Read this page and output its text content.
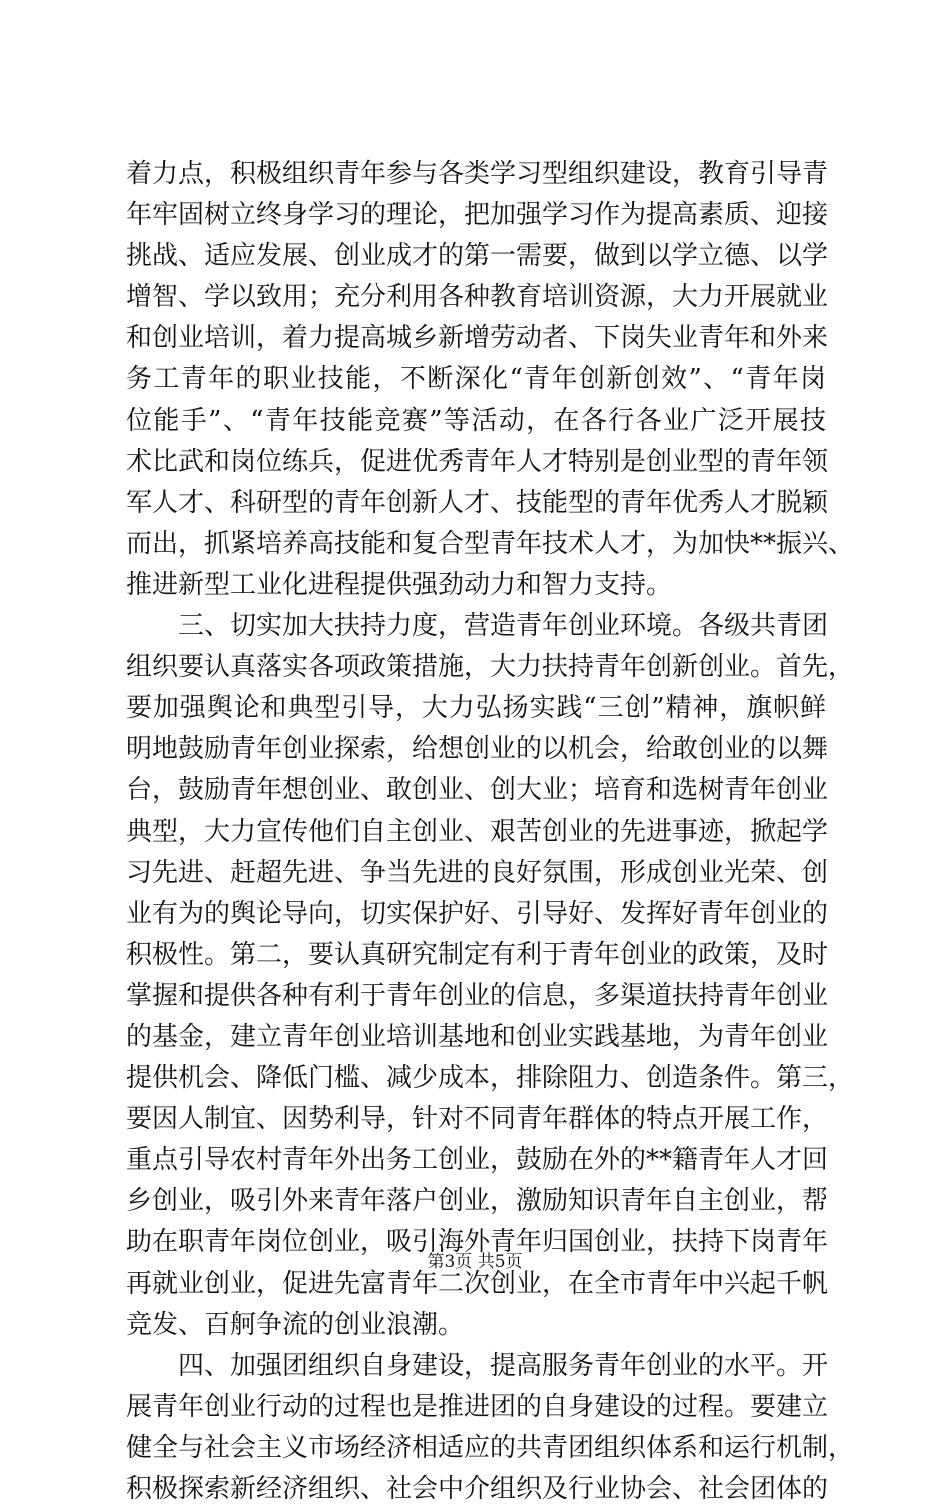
着力点，积极组织青年参与各类学习型组织建设，教育引导青
年牢固树立终身学习的理论，把加强学习作为提高素质、迎接
挑战、适应发展、创业成才的第一需要，做到以学立德、以学
增智、学以致用；充分利用各种教育培训资源，大力开展就业
和创业培训，着力提高城乡新增劳动者、下岗失业青年和外来
务工青年的职业技能，不断深化“青年创新创效”、“青年岗
位能手”、“青年技能竞赛”等活动，在各行各业广泛开展技
术比武和岗位练兵，促进优秀青年人才特别是创业型的青年领
军人才、科研型的青年创新人才、技能型的青年优秀人才脱颖
而出，抓紧培养高技能和复合型青年技术人才，为加快**振兴、
推进新型工业化进程提供强劲动力和智力支持。
三、切实加大扶持力度，营造青年创业环境。各级共青团
组织要认真落实各项政策措施，大力扶持青年创新创业。首先，
要加强舆论和典型引导，大力弘扬实践“三创”精神，旗帜鲜
明地鼓励青年创业探索，给想创业的以机会，给敢创业的以舞
台，鼓励青年想创业、敢创业、创大业；培育和选树青年创业
典型，大力宣传他们自主创业、艰苦创业的先进事迹，掀起学
习先进、赶超先进、争当先进的良好氛围，形成创业光荣、创
业有为的舆论导向，切实保护好、引导好、发挥好青年创业的
积极性。第二，要认真研究制定有利于青年创业的政策，及时
掌握和提供各种有利于青年创业的信息，多渠道扶持青年创业
的基金，建立青年创业培训基地和创业实践基地，为青年创业
提供机会、降低门槛、减少成本，排除阻力、创造条件。第三，
要因人制宜、因势利导，针对不同青年群体的特点开展工作，
重点引导农村青年外出务工创业，鼓励在外的**籍青年人才回
乡创业，吸引外来青年落户创业，激励知识青年自主创业，帮
助在职青年岗位创业，吸引海外青年归国创业，扶持下岗青年
再就业创业，促进先富青年二次创业，在全市青年中兴起千帆
竞发、百舸争流的创业浪潮。
四、加强团组织自身建设，提高服务青年创业的水平。开
展青年创业行动的过程也是推进团的自身建设的过程。要建立
健全与社会主义市场经济相适应的共青团组织体系和运行机制，
积极探索新经济组织、社会中介组织及行业协会、社会团体的
第3页 共5页
